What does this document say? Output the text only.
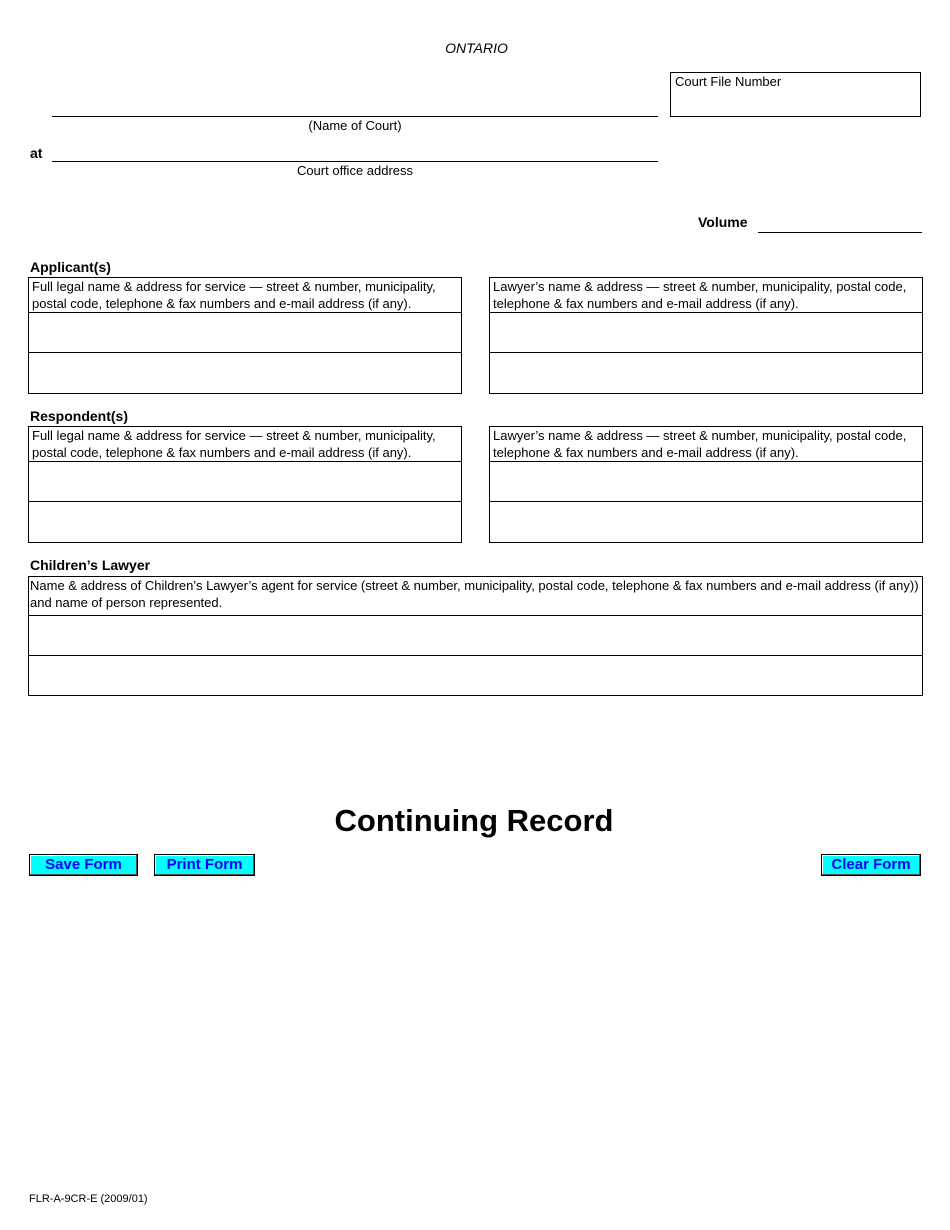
ONTARIO
Court File Number
(Name of Court)
at
Court office address
Volume
Applicant(s)
Full legal name & address for service — street & number, municipality, postal code, telephone & fax numbers and e-mail address (if any).
Lawyer’s name & address — street & number, municipality, postal code, telephone & fax numbers and e-mail address (if any).
Respondent(s)
Full legal name & address for service — street & number, municipality, postal code, telephone & fax numbers and e-mail address (if any).
Lawyer’s name & address — street & number, municipality, postal code, telephone & fax numbers and e-mail address (if any).
Children’s Lawyer
Name & address of Children’s Lawyer’s agent for service (street & number, municipality, postal code, telephone & fax numbers and e-mail address (if any)) and name of person represented.
Continuing Record
Save Form	Print Form	Clear Form
FLR-A-9CR-E (2009/01)
